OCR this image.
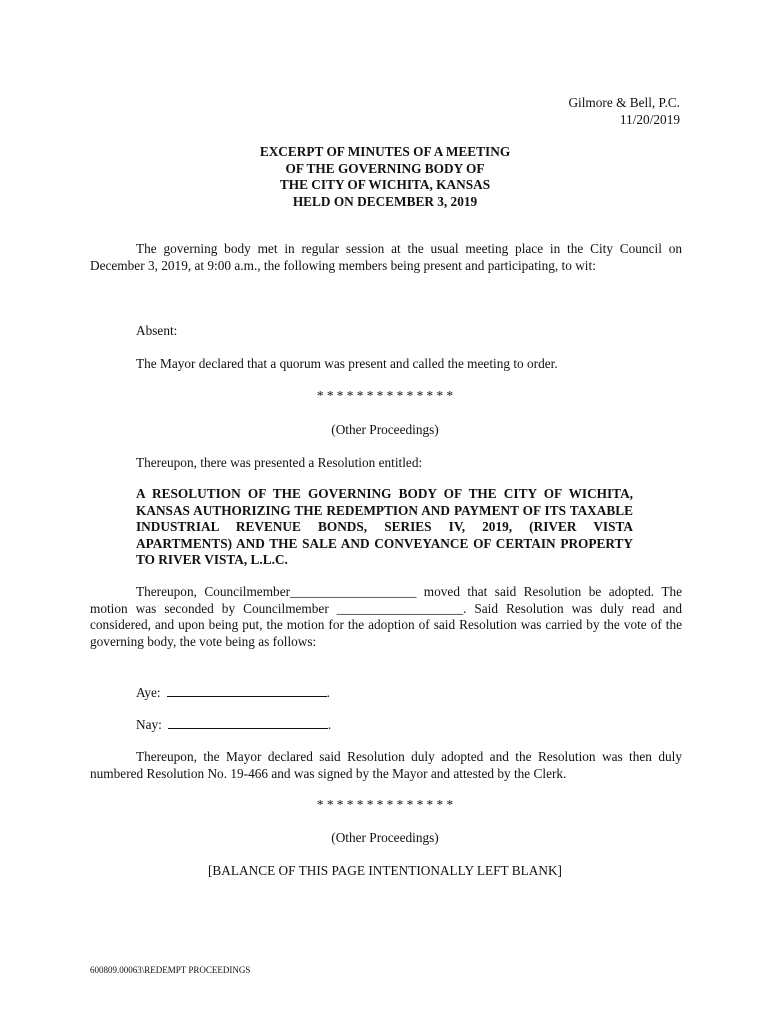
Gilmore & Bell, P.C.
11/20/2019
EXCERPT OF MINUTES OF A MEETING
OF THE GOVERNING BODY OF
THE CITY OF WICHITA, KANSAS
HELD ON DECEMBER 3, 2019
The governing body met in regular session at the usual meeting place in the City Council on December 3, 2019, at 9:00 a.m., the following members being present and participating, to wit:
Absent:
The Mayor declared that a quorum was present and called the meeting to order.
* * * * * * * * * * * * * *
(Other Proceedings)
Thereupon, there was presented a Resolution entitled:
A RESOLUTION OF THE GOVERNING BODY OF THE CITY OF WICHITA, KANSAS AUTHORIZING THE REDEMPTION AND PAYMENT OF ITS TAXABLE INDUSTRIAL REVENUE BONDS, SERIES IV, 2019, (RIVER VISTA APARTMENTS) AND THE SALE AND CONVEYANCE OF CERTAIN PROPERTY TO RIVER VISTA, L.L.C.
Thereupon, Councilmember___________________ moved that said Resolution be adopted. The motion was seconded by Councilmember ___________________. Said Resolution was duly read and considered, and upon being put, the motion for the adoption of said Resolution was carried by the vote of the governing body, the vote being as follows:
Aye:	.
Nay:	.
Thereupon, the Mayor declared said Resolution duly adopted and the Resolution was then duly numbered Resolution No. 19-466 and was signed by the Mayor and attested by the Clerk.
* * * * * * * * * * * * * *
(Other Proceedings)
[BALANCE OF THIS PAGE INTENTIONALLY LEFT BLANK]
600809.00063\REDEMPT PROCEEDINGS
